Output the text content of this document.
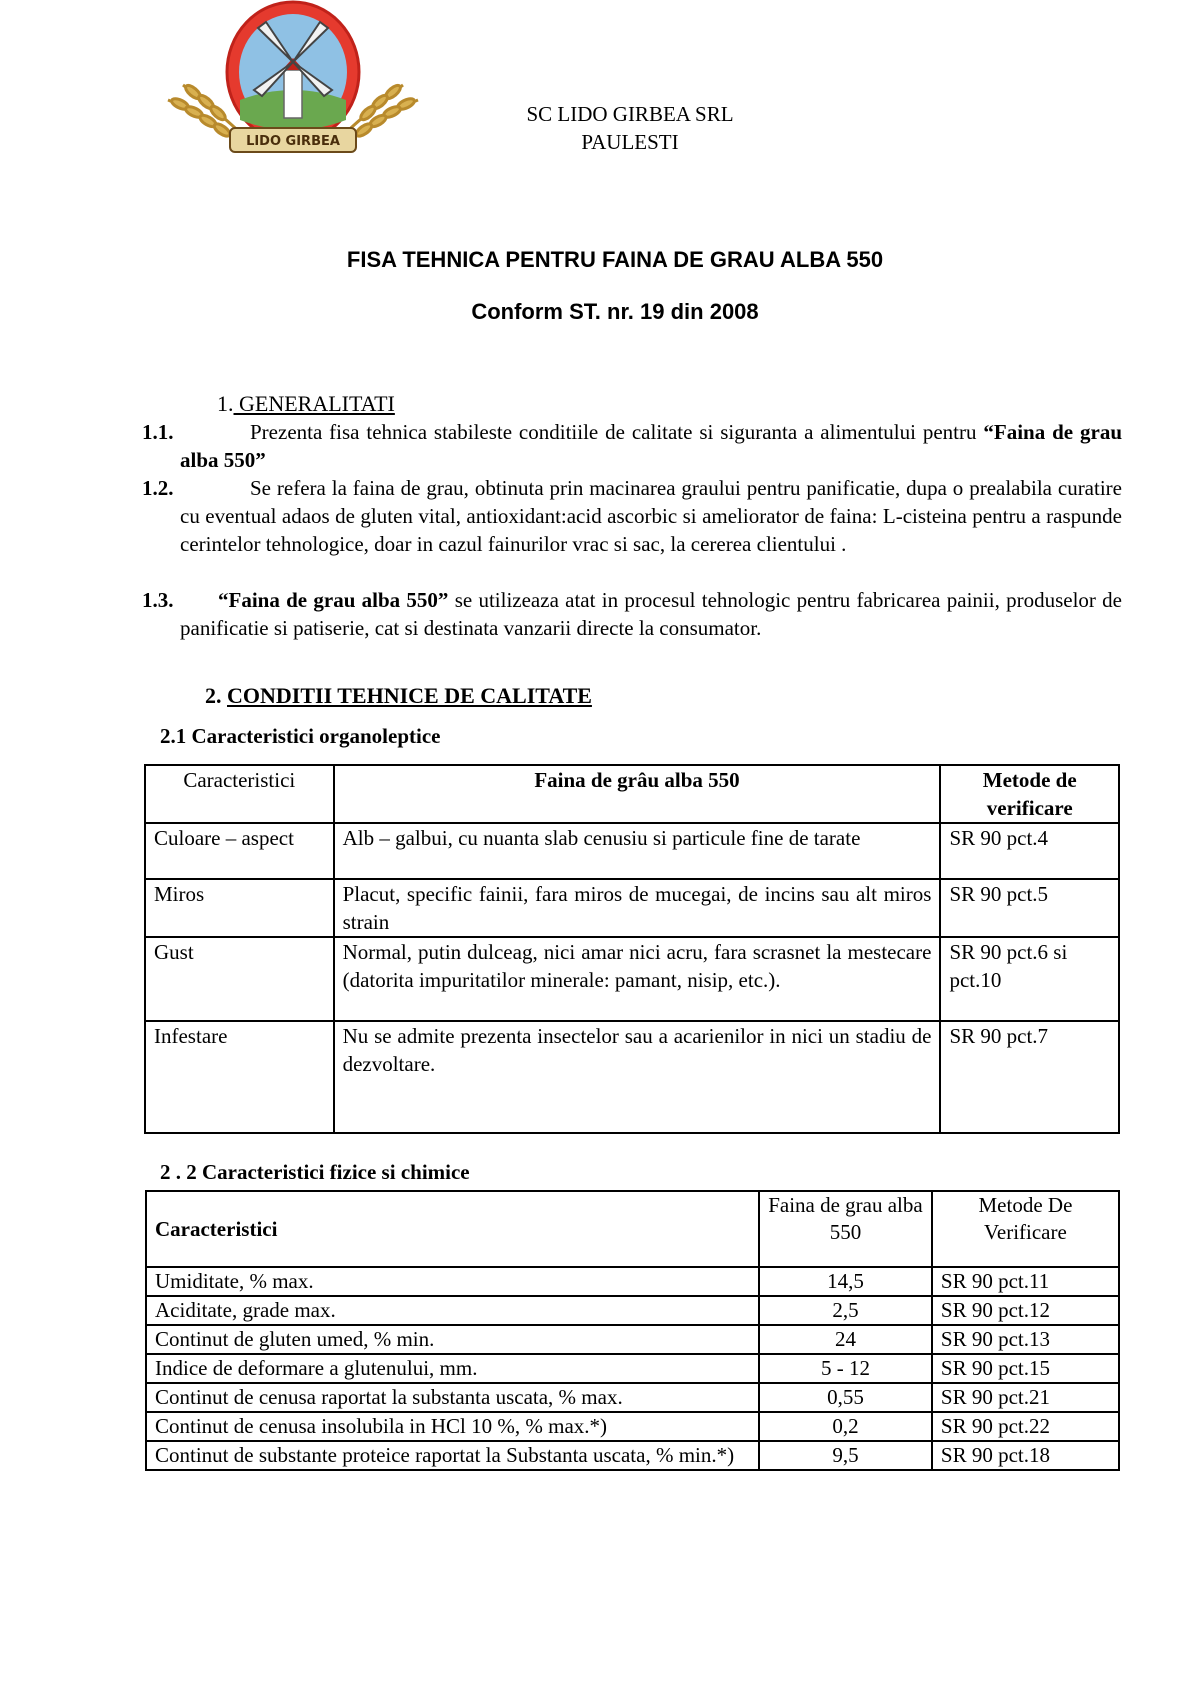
LIDO GIRBEA
SC LIDO GIRBEA SRL
PAULESTI
FISA TEHNICA PENTRU FAINA DE GRAU ALBA 550
Conform ST. nr. 19 din 2008
1. GENERALITATI
1.1.	Prezenta fisa tehnica stabileste conditiile de calitate si siguranta a alimentului pentru “Faina de grau alba 550”
1.2.	Se refera la faina de grau, obtinuta prin macinarea graului pentru panificatie, dupa o prealabila curatire cu eventual adaos de gluten vital, antioxidant:acid ascorbic si ameliorator de faina: L-cisteina pentru a raspunde cerintelor tehnologice, doar in cazul fainurilor vrac si sac, la cererea clientului .
1.3.	“Faina de grau alba 550” se utilizeaza atat in procesul tehnologic pentru fabricarea painii, produselor de panificatie si patiserie, cat si destinata vanzarii directe la consumator.
2. CONDITII TEHNICE DE CALITATE
2.1 Caracteristici organoleptice
Caracteristici	Faina de grâu alba 550	Metode de verificare
Culoare – aspect	Alb – galbui, cu nuanta slab cenusiu si particule fine de tarate	SR 90 pct.4
Miros	Placut, specific fainii, fara miros de mucegai, de incins sau alt miros strain	SR 90 pct.5
Gust	Normal, putin dulceag, nici amar nici acru, fara scrasnet la mestecare (datorita impuritatilor minerale: pamant, nisip, etc.).	SR 90 pct.6 si pct.10
Infestare	Nu se admite prezenta insectelor sau a acarienilor in nici un stadiu de dezvoltare.	SR 90 pct.7
2 . 2 Caracteristici fizice si chimice
Caracteristici	Faina de grau alba 550	Metode De Verificare
Umiditate, % max.	14,5	SR 90 pct.11
Aciditate, grade max.	2,5	SR 90 pct.12
Continut de gluten umed, % min.	24	SR 90 pct.13
Indice de deformare a glutenului, mm.	5 - 12	SR 90 pct.15
Continut de cenusa raportat la substanta uscata, % max.	0,55	SR 90 pct.21
Continut de cenusa insolubila in HCl 10 %, % max.*)	0,2	SR 90 pct.22
Continut de substante proteice raportat la Substanta uscata, % min.*)	9,5	SR 90 pct.18
